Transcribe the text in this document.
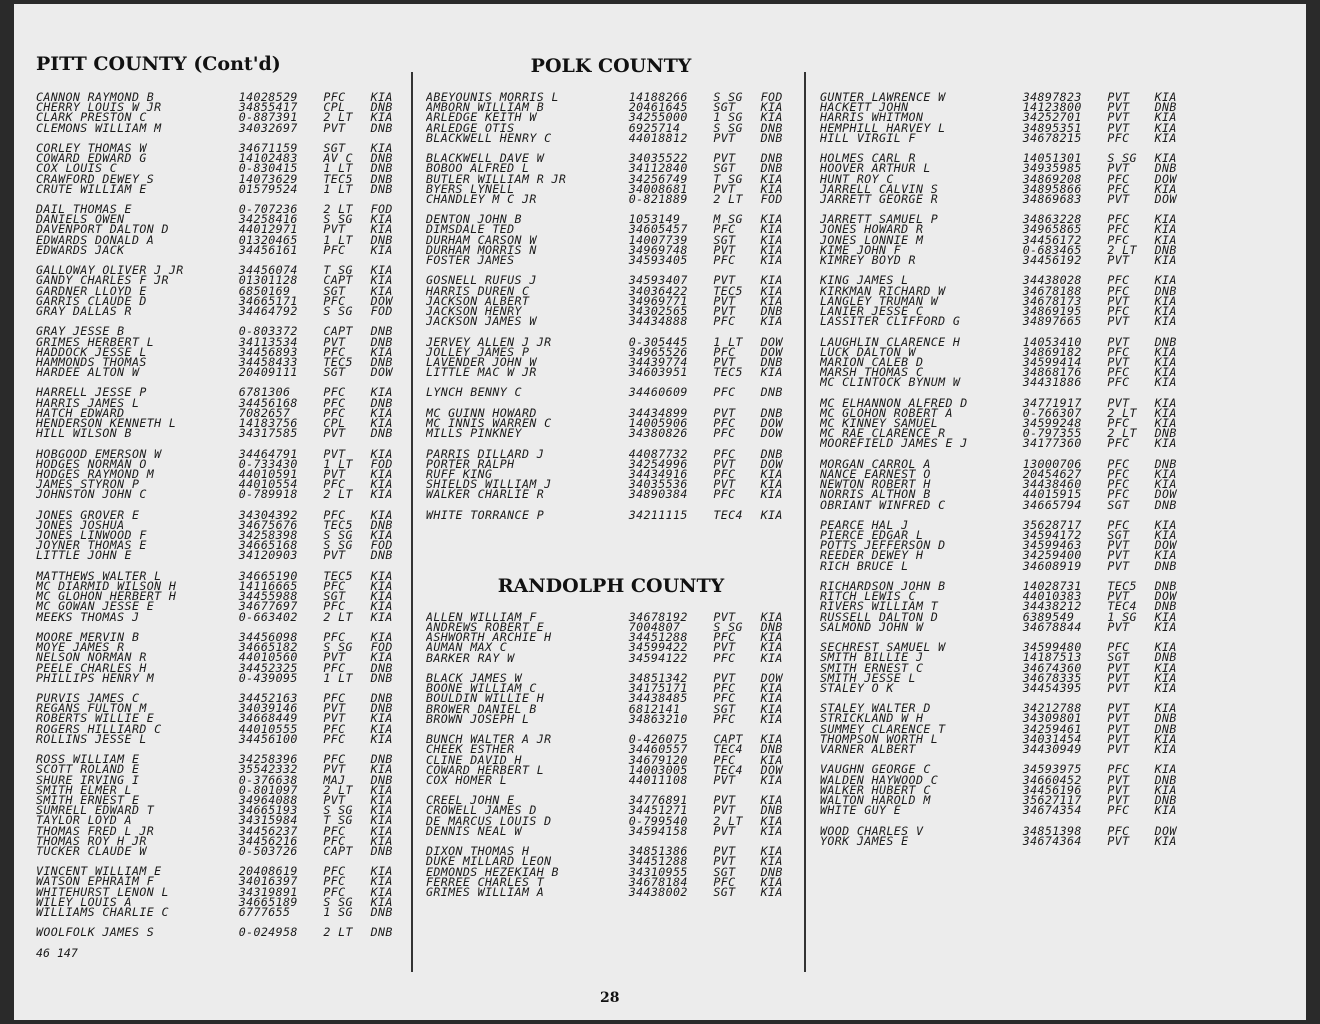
PITT COUNTY (Cont'd)
CANNON RAYMOND B	14028529	PFC	KIA
CHERRY LOUIS W JR	34855417	CPL	DNB
CLARK PRESTON C	0-887391	2 LT	KIA
CLEMONS WILLIAM M	34032697	PVT	DNB
CORLEY THOMAS W	34671159	SGT	KIA
COWARD EDWARD G	14102483	AV C	DNB
COX LOUIS C	0-830415	1 LT	DNB
CRAWFORD DEWEY S	14073629	TEC5	DNB
CRUTE WILLIAM E	01579524	1 LT	DNB
DAIL THOMAS E	0-707236	2 LT	FOD
DANIELS OWEN	34258416	S SG	KIA
DAVENPORT DALTON D	44012971	PVT	KIA
EDWARDS DONALD A	01320465	1 LT	DNB
EDWARDS JACK	34456161	PFC	KIA
GALLOWAY OLIVER J JR	34456074	T SG	KIA
GANDY CHARLES F JR	01301128	CAPT	KIA
GARDNER LLOYD E	6850169	SGT	KIA
GARRIS CLAUDE D	34665171	PFC	DOW
GRAY DALLAS R	34464792	S SG	FOD
GRAY JESSE B	0-803372	CAPT	DNB
GRIMES HERBERT L	34113534	PVT	DNB
HADDOCK JESSE L	34456893	PFC	KIA
HAMMONDS THOMAS	34458433	TEC5	DNB
HARDEE ALTON W	20409111	SGT	DOW
HARRELL JESSE P	6781306	PFC	KIA
HARRIS JAMES L	34456168	PFC	DNB
HATCH EDWARD	7082657	PFC	KIA
HENDERSON KENNETH L	14183756	CPL	KIA
HILL WILSON B	34317585	PVT	DNB
HOBGOOD EMERSON W	34464791	PVT	KIA
HODGES NORMAN O	0-733430	1 LT	FOD
HODGES RAYMOND M	44010591	PVT	KIA
JAMES STYRON P	44010554	PFC	KIA
JOHNSTON JOHN C	0-789918	2 LT	KIA
JONES GROVER E	34304392	PFC	KIA
JONES JOSHUA	34675676	TEC5	DNB
JONES LINWOOD F	34258398	S SG	KIA
JOYNER THOMAS E	34665168	S SG	FOD
LITTLE JOHN E	34120903	PVT	DNB
MATTHEWS WALTER L	34665190	TEC5	KIA
MC DIARMID WILSON H	14116665	PFC	KIA
MC GLOHON HERBERT H	34455988	SGT	KIA
MC GOWAN JESSE E	34677697	PFC	KIA
MEEKS THOMAS J	0-663402	2 LT	KIA
MOORE MERVIN B	34456098	PFC	KIA
MOYE JAMES R	34665182	S SG	FOD
NELSON NORMAN R	44010560	PVT	KIA
PEELE CHARLES H	34452325	PFC	DNB
PHILLIPS HENRY M	0-439095	1 LT	DNB
PURVIS JAMES C	34452163	PFC	DNB
REGANS FULTON M	34039146	PVT	DNB
ROBERTS WILLIE E	34668449	PVT	KIA
ROGERS HILLIARD C	44010555	PFC	KIA
ROLLINS JESSE L	34456100	PFC	KIA
ROSS WILLIAM E	34258396	PFC	DNB
SCOTT ROLAND E	35542332	PVT	KIA
SHURE IRVING I	0-376638	MAJ	DNB
SMITH ELMER L	0-801097	2 LT	KIA
SMITH ERNEST E	34964088	PVT	KIA
SUMRELL EDWARD T	34665193	S SG	KIA
TAYLOR LOYD A	34315984	T SG	KIA
THOMAS FRED L JR	34456237	PFC	KIA
THOMAS ROY H JR	34456216	PFC	KIA
TUCKER CLAUDE W	0-503726	CAPT	DNB
VINCENT WILLIAM E	20408619	PFC	KIA
WATSON EPHRAIM F	34016397	PFC	KIA
WHITEHURST LENON L	34319891	PFC	KIA
WILEY LOUIS A	34665189	S SG	KIA
WILLIAMS CHARLIE C	6777655	1 SG	DNB
WOOLFOLK JAMES S	0-024958	2 LT	DNB
46 147
POLK COUNTY
ABEYOUNIS MORRIS L	14188266	S SG	FOD
AMBORN WILLIAM B	20461645	SGT	KIA
ARLEDGE KEITH W	34255000	1 SG	KIA
ARLEDGE OTIS	6925714	S SG	DNB
BLACKWELL HENRY C	44018812	PVT	DNB
BLACKWELL DAVE W	34035522	PVT	DNB
BOBOO ALFRED L	34112840	SGT	DNB
BUTLER WILLIAM R JR	34256749	T SG	KIA
BYERS LYNELL	34008681	PVT	KIA
CHANDLEY M C JR	0-821889	2 LT	FOD
DENTON JOHN B	1053149	M SG	KIA
DIMSDALE TED	34605457	PFC	KIA
DURHAM CARSON W	14007739	SGT	KIA
DURHAM MORRIS N	34969748	PVT	KIA
FOSTER JAMES	34593405	PFC	KIA
GOSNELL RUFUS J	34593407	PVT	KIA
HARRIS DUREN C	34036422	TEC5	KIA
JACKSON ALBERT	34969771	PVT	KIA
JACKSON HENRY	34302565	PVT	DNB
JACKSON JAMES W	34434888	PFC	KIA
JERVEY ALLEN J JR	0-305445	1 LT	DOW
JOLLEY JAMES P	34965526	PFC	DOW
LAVENDER JOHN W	34439774	PVT	DNB
LITTLE MAC W JR	34603951	TEC5	KIA
LYNCH BENNY C	34460609	PFC	DNB
MC GUINN HOWARD	34434899	PVT	DNB
MC INNIS WARREN C	14005906	PFC	DOW
MILLS PINKNEY	34380826	PFC	DOW
PARRIS DILLARD J	44087732	PFC	DNB
PORTER RALPH	34254996	PVT	DOW
RUFF KING	34434916	PFC	KIA
SHIELDS WILLIAM J	34035536	PVT	KIA
WALKER CHARLIE R	34890384	PFC	KIA
WHITE TORRANCE P	34211115	TEC4	KIA
RANDOLPH COUNTY
ALLEN WILLIAM F	34678192	PVT	KIA
ANDREWS ROBERT E	7004807	S SG	DNB
ASHWORTH ARCHIE H	34451288	PFC	KIA
AUMAN MAX C	34599422	PVT	KIA
BARKER RAY W	34594122	PFC	KIA
BLACK JAMES W	34851342	PVT	DOW
BOONE WILLIAM C	34175171	PFC	KIA
BOULDIN WILLIE H	34438485	PFC	KIA
BROWER DANIEL B	6812141	SGT	KIA
BROWN JOSEPH L	34863210	PFC	KIA
BUNCH WALTER A JR	0-426075	CAPT	KIA
CHEEK ESTHER	34460557	TEC4	DNB
CLINE DAVID H	34679120	PFC	KIA
COWARD HERBERT L	14003005	TEC4	DOW
COX HOMER L	44011108	PVT	KIA
CREEL JOHN E	34776891	PVT	KIA
CROWELL JAMES D	34451271	PVT	DNB
DE MARCUS LOUIS D	0-799540	2 LT	KIA
DENNIS NEAL W	34594158	PVT	KIA
DIXON THOMAS H	34851386	PVT	KIA
DUKE MILLARD LEON	34451288	PVT	KIA
EDMONDS HEZEKIAH B	34310955	SGT	DNB
FERREE CHARLES T	34678184	PFC	KIA
GRIMES WILLIAM A	34438002	SGT	KIA
GUNTER LAWRENCE W	34897823	PVT	KIA
HACKETT JOHN	14123800	PVT	DNB
HARRIS WHITMON	34252701	PVT	KIA
HEMPHILL HARVEY L	34895351	PVT	KIA
HILL VIRGIL F	34678215	PFC	KIA
HOLMES CARL R	14051301	S SG	KIA
HOOVER ARTHUR L	34935985	PVT	DNB
HUNT ROY C	34869208	PFC	DOW
JARRELL CALVIN S	34895866	PFC	KIA
JARRETT GEORGE R	34869683	PVT	DOW
JARRETT SAMUEL P	34863228	PFC	KIA
JONES HOWARD R	34965865	PFC	KIA
JONES LONNIE M	34456172	PFC	KIA
KIME JOHN F	0-683465	2 LT	DNB
KIMREY BOYD R	34456192	PVT	KIA
KING JAMES L	34438028	PFC	KIA
KIRKMAN RICHARD W	34678188	PFC	DNB
LANGLEY TRUMAN W	34678173	PVT	KIA
LANIER JESSE C	34869195	PFC	KIA
LASSITER CLIFFORD G	34897665	PVT	KIA
LAUGHLIN CLARENCE H	14053410	PVT	DNB
LUCK DALTON W	34869182	PFC	KIA
MARION CALEB D	34599414	PVT	KIA
MARSH THOMAS C	34868176	PFC	KIA
MC CLINTOCK BYNUM W	34431886	PFC	KIA
MC ELHANNON ALFRED D	34771917	PVT	KIA
MC GLOHON ROBERT A	0-766307	2 LT	KIA
MC KINNEY SAMUEL	34599248	PFC	KIA
MC RAE CLARENCE R	0-797355	2 LT	DNB
MOOREFIELD JAMES E J	34177360	PFC	KIA
MORGAN CARROL A	13000706	PFC	DNB
NANCE EARNEST O	20454627	PFC	KIA
NEWTON ROBERT H	34438460	PFC	KIA
NORRIS ALTHON B	44015915	PFC	DOW
OBRIANT WINFRED C	34665794	SGT	DNB
PEARCE HAL J	35628717	PFC	KIA
PIERCE EDGAR L	34594172	SGT	KIA
POTTS JEFFERSON D	34599463	PVT	DOW
REEDER DEWEY H	34259400	PVT	KIA
RICH BRUCE L	34608919	PVT	DNB
RICHARDSON JOHN B	14028731	TEC5	DNB
RITCH LEWIS C	44010383	PVT	DOW
RIVERS WILLIAM T	34438212	TEC4	DNB
RUSSELL DALTON D	6389549	1 SG	KIA
SALMOND JOHN W	34678844	PVT	KIA
SECHREST SAMUEL W	34599480	PFC	KIA
SMITH BILLIE J	14187513	SGT	DNB
SMITH ERNEST C	34674360	PVT	KIA
SMITH JESSE L	34678335	PVT	KIA
STALEY O K	34454395	PVT	KIA
STALEY WALTER D	34212788	PVT	KIA
STRICKLAND W H	34309801	PVT	DNB
SUMMEY CLARENCE T	34259461	PVT	DNB
THOMPSON WORTH L	34031454	PVT	KIA
VARNER ALBERT	34430949	PVT	KIA
VAUGHN GEORGE C	34593975	PFC	KIA
WALDEN HAYWOOD C	34660452	PVT	DNB
WALKER HUBERT C	34456196	PVT	KIA
WALTON HAROLD M	35627117	PVT	DNB
WHITE GUY E	34674354	PFC	KIA
WOOD CHARLES V	34851398	PFC	DOW
YORK JAMES E	34674364	PVT	KIA
28
